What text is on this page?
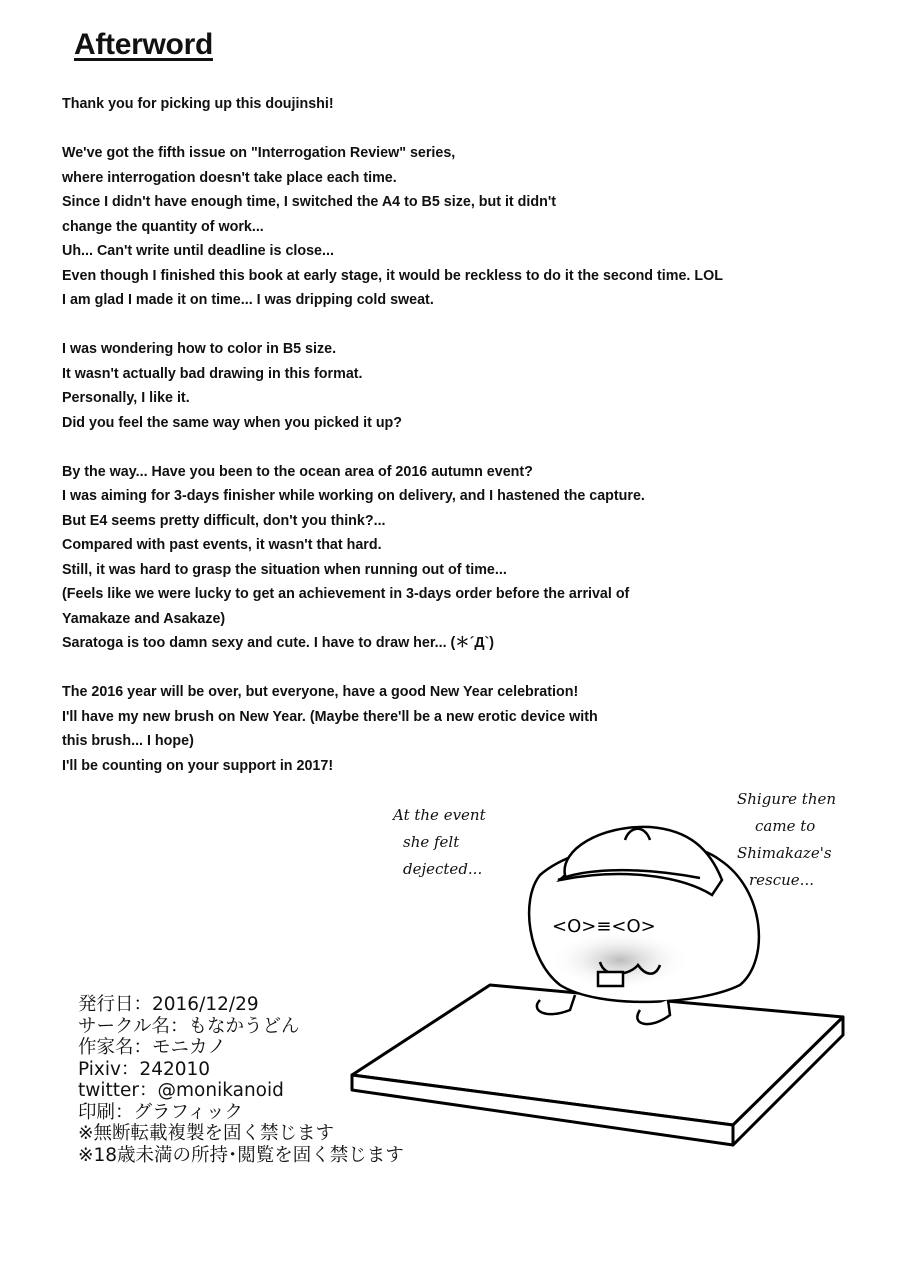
Afterword
Thank you for picking up this doujinshi!
We've got the fifth issue on "Interrogation Review" series,
where interrogation doesn't take place each time.
Since I didn't have enough time, I switched the A4 to B5 size, but it didn't
change the quantity of work...
Uh... Can't write until deadline is close...
Even though I finished this book at early stage, it would be reckless to do it the second time. LOL
I am glad I made it on time... I was dripping cold sweat.
I was wondering how to color in B5 size.
It wasn't actually bad drawing in this format.
Personally, I like it.
Did you feel the same way when you picked it up?
By the way... Have you been to the ocean area of 2016 autumn event?
I was aiming for 3-days finisher while working on delivery, and I hastened the capture.
But E4 seems pretty difficult, don't you think?...
Compared with past events, it wasn't that hard.
Still, it was hard to grasp the situation when running out of time...
(Feels like we were lucky to get an achievement in 3-days order before the arrival of
Yamakaze and Asakaze)
Saratoga is too damn sexy and cute. I have to draw her... (＊´Д`)
The 2016 year will be over, but everyone, have a good New Year celebration!
I'll have my new brush on New Year. (Maybe there'll be a new erotic device with
this brush... I hope)
I'll be counting on your support in 2017!
<O>≡<O>
At the event
she felt
dejected...
Shigure then
came to
Shimakaze's
rescue...
発行日：2016/12/29
サークル名：もなかうどん
作家名：モニカノ
Pixiv：242010
twitter：@monikanoid
印刷：グラフィック
※無断転載複製を固く禁じます
※18歳未満の所持･閲覧を固く禁じます
